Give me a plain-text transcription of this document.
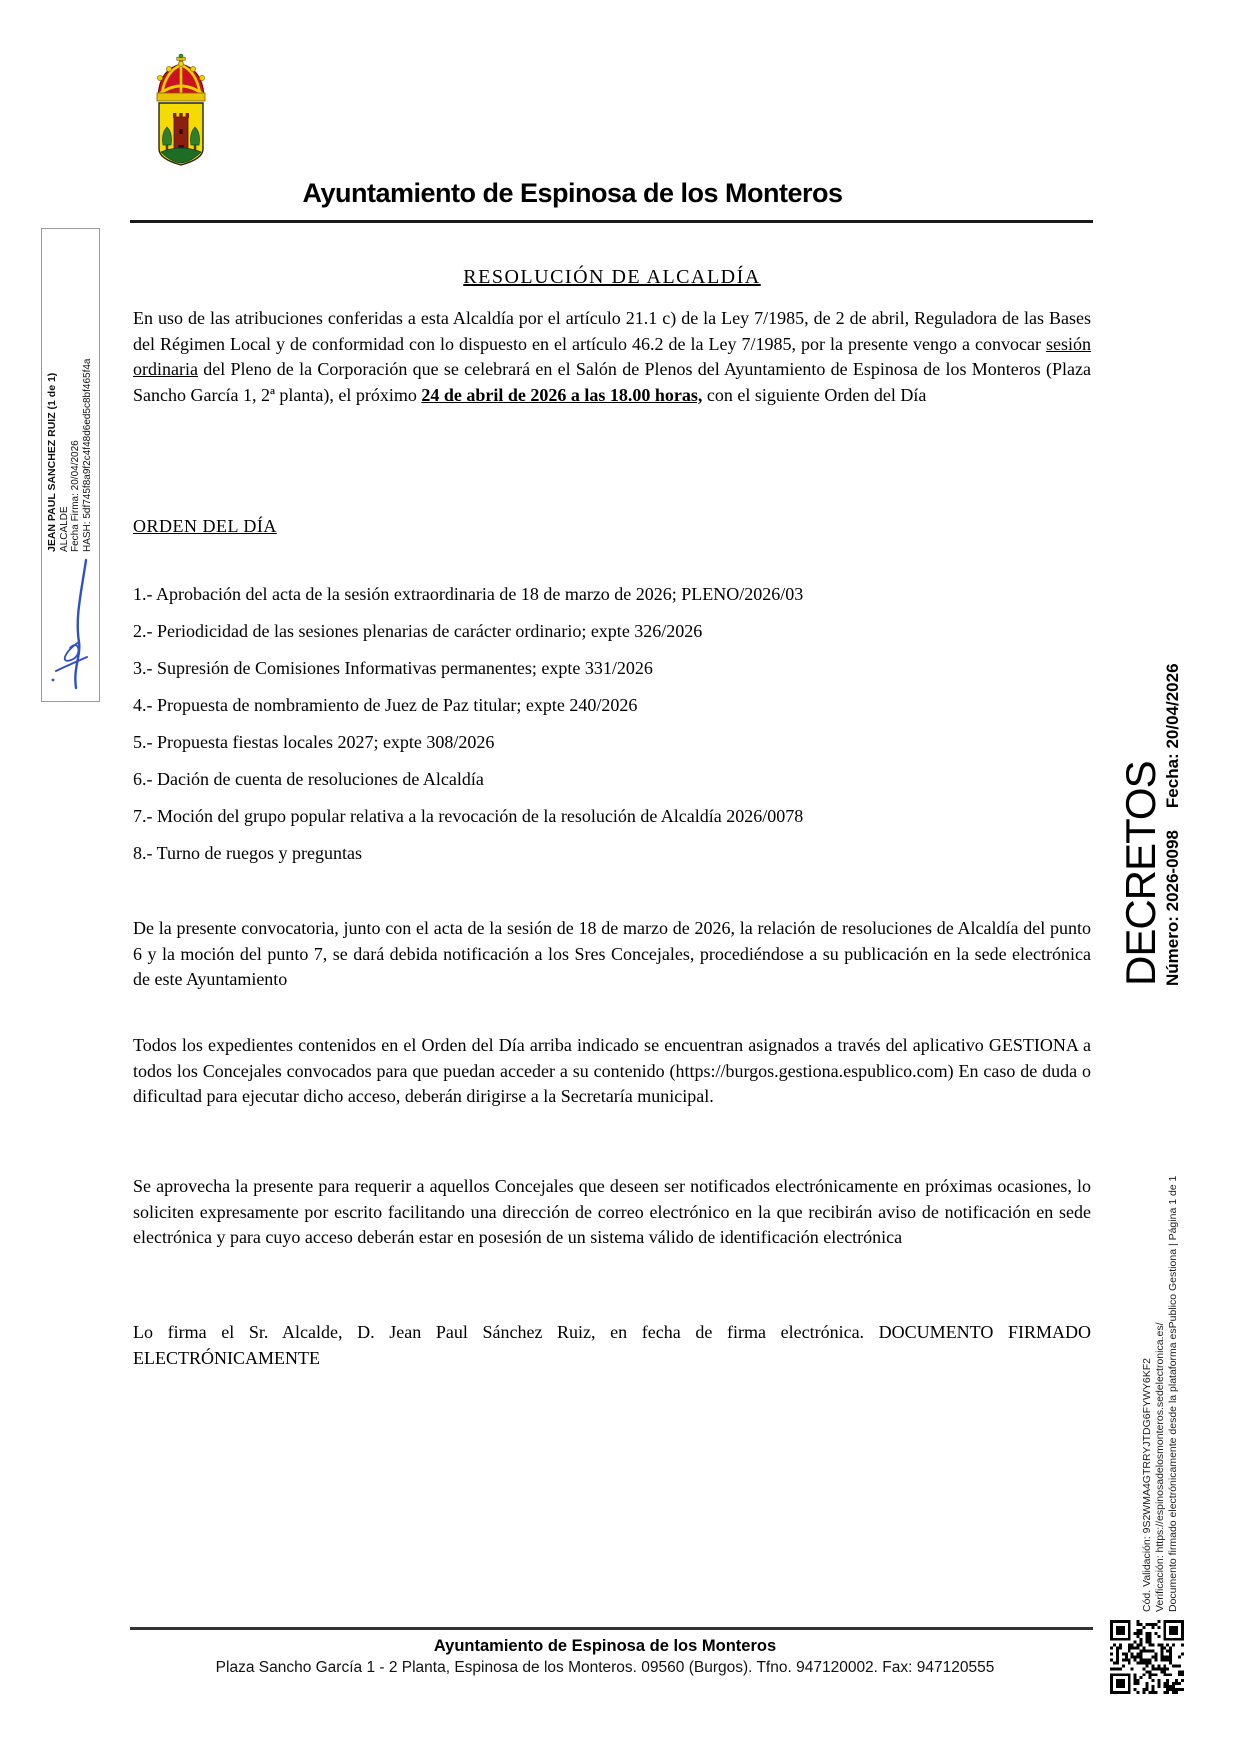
JEAN PAUL SANCHEZ RUIZ (1 de 1) ALCALDE Fecha Firma: 20/04/2026 HASH: 5df745f8a9f2c4f48d6ed5c8bf465f4a
Ayuntamiento de Espinosa de los Monteros
RESOLUCIÓN DE ALCALDÍA
En uso de las atribuciones conferidas a esta Alcaldía por el artículo 21.1 c) de la Ley 7/1985, de 2 de abril, Reguladora de las Bases del Régimen Local y de conformidad con lo dispuesto en el artículo 46.2 de la Ley 7/1985, por la presente vengo a convocar sesión ordinaria del Pleno de la Corporación que se celebrará en el Salón de Plenos del Ayuntamiento de Espinosa de los Monteros (Plaza Sancho García 1, 2ª planta), el próximo 24 de abril de 2026 a las 18.00 horas, con el siguiente Orden del Día
ORDEN DEL DÍA
1.- Aprobación del acta de la sesión extraordinaria de 18 de marzo de 2026; PLENO/2026/03
2.- Periodicidad de las sesiones plenarias de carácter ordinario; expte 326/2026
3.- Supresión de Comisiones Informativas permanentes; expte 331/2026
4.- Propuesta de nombramiento de Juez de Paz titular; expte 240/2026
5.- Propuesta fiestas locales 2027; expte 308/2026
6.- Dación de cuenta de resoluciones de Alcaldía
7.- Moción del grupo popular relativa a la revocación de la resolución de Alcaldía 2026/0078
8.- Turno de ruegos y preguntas
De la presente convocatoria, junto con el acta de la sesión de 18 de marzo de 2026, la relación de resoluciones de Alcaldía del punto 6 y la moción del punto 7, se dará debida notificación a los Sres Concejales, procediéndose a su publicación en la sede electrónica de este Ayuntamiento
Todos los expedientes contenidos en el Orden del Día arriba indicado se encuentran asignados a través del aplicativo GESTIONA a todos los Concejales convocados para que puedan acceder a su contenido (https://burgos.gestiona.espublico.com) En caso de duda o dificultad para ejecutar dicho acceso, deberán dirigirse a la Secretaría municipal.
Se aprovecha la presente para requerir a aquellos Concejales que deseen ser notificados electrónicamente en próximas ocasiones, lo soliciten expresamente por escrito facilitando una dirección de correo electrónico en la que recibirán aviso de notificación en sede electrónica y para cuyo acceso deberán estar en posesión de un sistema válido de identificación electrónica
Lo firma el Sr. Alcalde, D. Jean Paul Sánchez Ruiz, en fecha de firma electrónica. DOCUMENTO FIRMADO ELECTRÓNICAMENTE
DECRETOS Número: 2026-0098Fecha: 20/04/2026
Cód. Validación: 9S2WMA4GTRRYJTDG6FYWY6KF2 Verificación: https://espinosadelosmonteros.sedelectronica.es/ Documento firmado electrónicamente desde la plataforma esPublico Gestiona | Página 1 de 1
Ayuntamiento de Espinosa de los Monteros
Plaza Sancho García 1 - 2 Planta, Espinosa de los Monteros. 09560 (Burgos). Tfno. 947120002. Fax: 947120555
